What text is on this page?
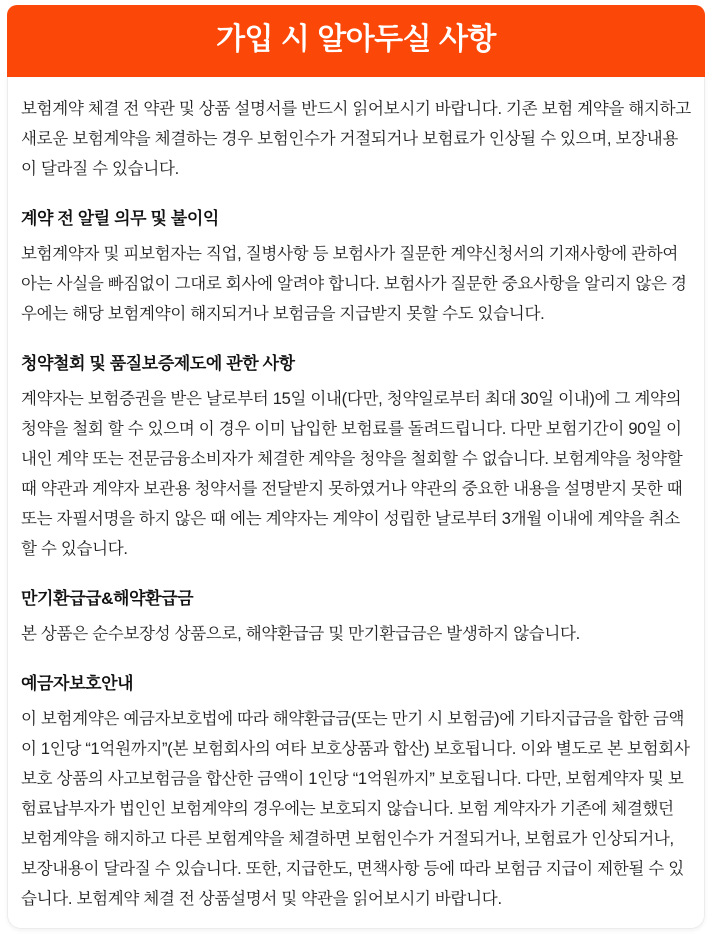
가입 시 알아두실 사항

보험계약 체결 전 약관 및 상품 설명서를 반드시 읽어보시기 바랍니다. 기존 보험 계약을 해지하고 새로운 보험계약을 체결하는 경우 보험인수가 거절되거나 보험료가 인상될 수 있으며, 보장내용이 달라질 수 있습니다.

계약 전 알릴 의무 및 불이익

보험계약자 및 피보험자는 직업, 질병사항 등 보험사가 질문한 계약신청서의 기재사항에 관하여 아는 사실을 빠짐없이 그대로 회사에 알려야 합니다. 보험사가 질문한 중요사항을 알리지 않은 경우에는 해당 보험계약이 해지되거나 보험금을 지급받지 못할 수도 있습니다.

청약철회 및 품질보증제도에 관한 사항

계약자는 보험증권을 받은 날로부터 15일 이내(다만, 청약일로부터 최대 30일 이내)에 그 계약의 청약을 철회 할 수 있으며 이 경우 이미 납입한 보험료를 돌려드립니다. 다만 보험기간이 90일 이내인 계약 또는 전문금융소비자가 체결한 계약을 청약을 철회할 수 없습니다. 보험계약을 청약할 때 약관과 계약자 보관용 청약서를 전달받지 못하였거나 약관의 중요한 내용을 설명받지 못한 때 또는 자필서명을 하지 않은 때 에는 계약자는 계약이 성립한 날로부터 3개월 이내에 계약을 취소할 수 있습니다.

만기환급급&해약환급금

본 상품은 순수보장성 상품으로, 해약환급금 및 만기환급금은 발생하지 않습니다.

예금자보호안내

이 보험계약은 예금자보호법에 따라 해약환급금(또는 만기 시 보험금)에 기타지급금을 합한 금액이 1인당 “1억원까지”(본 보험회사의 여타 보호상품과 합산) 보호됩니다. 이와 별도로 본 보험회사 보호 상품의 사고보험금을 합산한 금액이 1인당 “1억원까지” 보호됩니다. 다만, 보험계약자 및 보험료납부자가 법인인 보험계약의 경우에는 보호되지 않습니다. 보험 계약자가 기존에 체결했던 보험계약을 해지하고 다른 보험계약을 체결하면 보험인수가 거절되거나, 보험료가 인상되거나, 보장내용이 달라질 수 있습니다. 또한, 지급한도, 면책사항 등에 따라 보험금 지급이 제한될 수 있습니다. 보험계약 체결 전 상품설명서 및 약관을 읽어보시기 바랍니다.
